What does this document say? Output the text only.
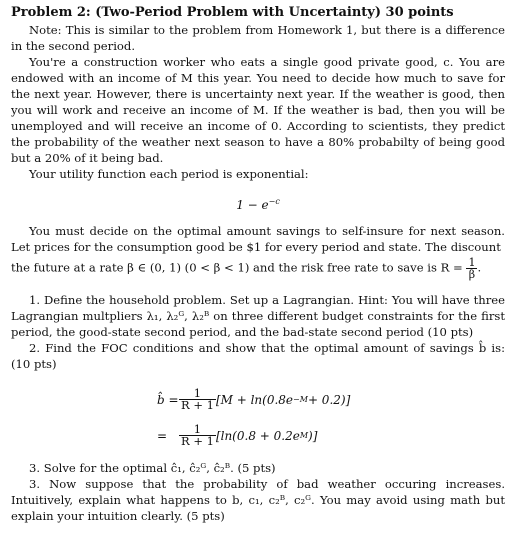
Problem 2: (Two-Period Problem with Uncertainty) 30 points

Note: This is similar to the problem from Homework 1, but there is a difference in the second period.

You're a construction worker who eats a single good private good, c. You are endowed with an income of M this year. You need to decide how much to save for the next year. However, there is uncertainty next year. If the weather is good, then you will work and receive an income of M. If the weather is bad, then you will be unemployed and will receive an income of 0. According to scientists, they predict the probability of the weather next season to have a 80% probabilty of being good but a 20% of it being bad.

Your utility function each period is exponential:

$1 - e^{-c}$

You must decide on the optimal amount savings to self-insure for next season. Let prices for the consumption good be $1 for every period and state. The discount

the future at a rate β ∈ (0, 1) (0 < β < 1) and the risk free rate to save is $R = \frac{1}{\beta}$ .

1. Define the household problem. Set up a Lagrangian. Hint: You will have three Lagrangian multpliers λ₁, λ₂ᴳ, λ₂ᴮ on three different budget constraints for the first period, the good-state second period, and the bad-state second period (10 pts)

2. Find the FOC conditions and show that the optimal amount of savings b̂ is: (10 pts)

b̂ = $\frac{1}{R + 1} [M + \ln(0.8e -M + 0.2)]$
=	$\frac{1}{R + 1} [\ln(0.8 + 0.2e$ M )]

3. Solve for the optimal ĉ₁, ĉ₂ᴳ, ĉ₂ᴮ. (5 pts)

3. Now suppose that the probability of bad weather occuring increases. Intuitively, explain what happens to b, c₁, c₂ᴮ, c₂ᴳ. You may avoid using math but explain your intuition clearly. (5 pts)
